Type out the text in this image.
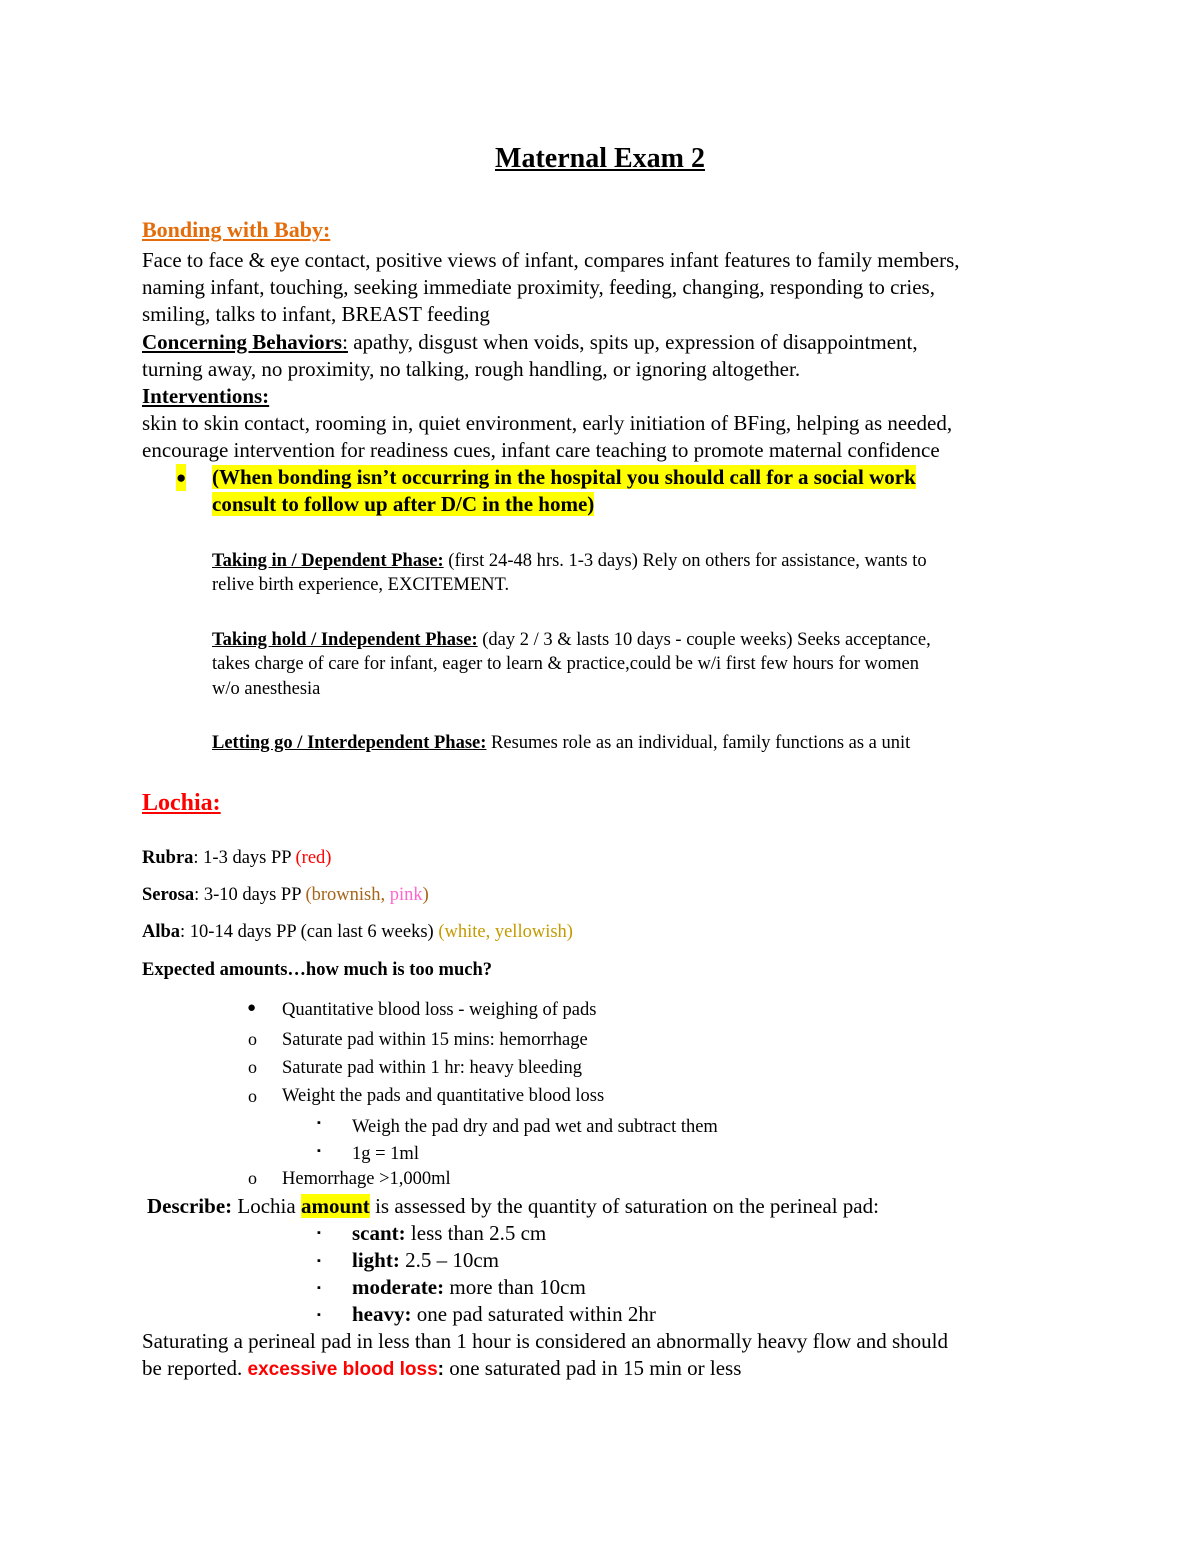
Maternal Exam 2
Bonding with Baby:
Face to face & eye contact, positive views of infant, compares infant features to family members,
naming infant, touching, seeking immediate proximity, feeding, changing, responding to cries,
smiling, talks to infant, BREAST feeding
Concerning Behaviors: apathy, disgust when voids, spits up, expression of disappointment,
turning away, no proximity, no talking, rough handling, or ignoring altogether.
Interventions:
skin to skin contact, rooming in, quiet environment, early initiation of BFing, helping as needed,
encourage intervention for readiness cues, infant care teaching to promote maternal confidence
● (When bonding isn’t occurring in the hospital you should call for a social work
consult to follow up after D/C in the home)
Taking in / Dependent Phase: (first 24-48 hrs. 1-3 days) Rely on others for assistance, wants to
relive birth experience, EXCITEMENT.
Taking hold / Independent Phase: (day 2 / 3 & lasts 10 days - couple weeks) Seeks acceptance,
takes charge of care for infant, eager to learn & practice,could be w/i first few hours for women
w/o anesthesia
Letting go / Interdependent Phase: Resumes role as an individual, family functions as a unit
Lochia:
Rubra: 1-3 days PP (red)
Serosa: 3-10 days PP (brownish, pink)
Alba: 10-14 days PP (can last 6 weeks) (white, yellowish)
Expected amounts…how much is too much?
● Quantitative blood loss - weighing of pads
o Saturate pad within 15 mins: hemorrhage
o Saturate pad within 1 hr: heavy bleeding
o Weight the pads and quantitative blood loss
▪ Weigh the pad dry and pad wet and subtract them
▪ 1g = 1ml
o Hemorrhage >1,000ml
Describe: Lochia amount is assessed by the quantity of saturation on the perineal pad:
▪ scant: less than 2.5 cm
▪ light: 2.5 – 10cm
▪ moderate: more than 10cm
▪ heavy: one pad saturated within 2hr
Saturating a perineal pad in less than 1 hour is considered an abnormally heavy flow and should
be reported. excessive blood loss: one saturated pad in 15 min or less
